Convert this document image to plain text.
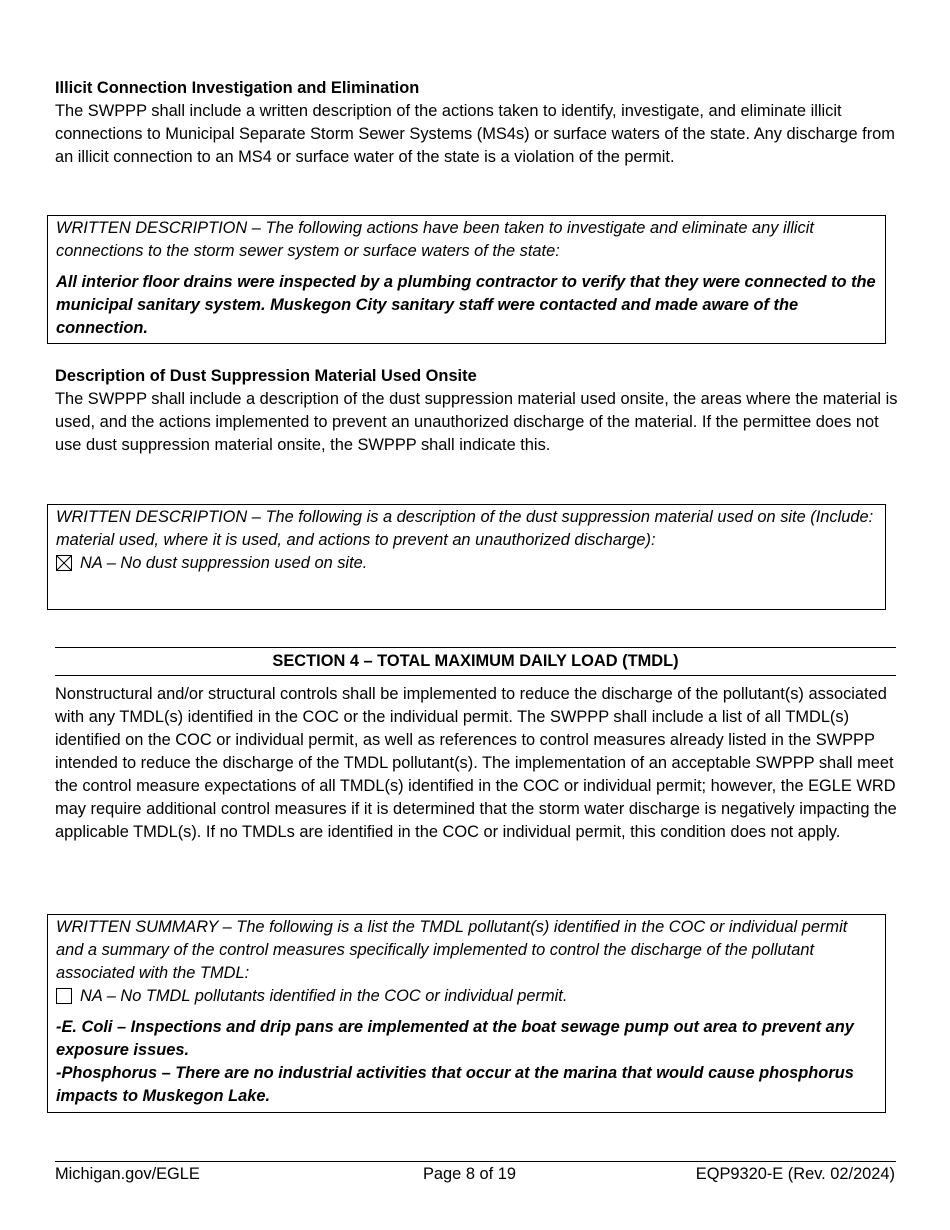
Illicit Connection Investigation and Elimination

The SWPPP shall include a written description of the actions taken to identify, investigate, and eliminate illicit connections to Municipal Separate Storm Sewer Systems (MS4s) or surface waters of the state. Any discharge from an illicit connection to an MS4 or surface water of the state is a violation of the permit.

WRITTEN DESCRIPTION – The following actions have been taken to investigate and eliminate any illicit connections to the storm sewer system or surface waters of the state:

All interior floor drains were inspected by a plumbing contractor to verify that they were connected to the municipal sanitary system. Muskegon City sanitary staff were contacted and made aware of the connection.

Description of Dust Suppression Material Used Onsite

The SWPPP shall include a description of the dust suppression material used onsite, the areas where the material is used, and the actions implemented to prevent an unauthorized discharge of the material. If the permittee does not use dust suppression material onsite, the SWPPP shall indicate this.

WRITTEN DESCRIPTION – The following is a description of the dust suppression material used on site (Include: material used, where it is used, and actions to prevent an unauthorized discharge):

NA – No dust suppression used on site.

SECTION 4 – TOTAL MAXIMUM DAILY LOAD (TMDL)
Nonstructural and/or structural controls shall be implemented to reduce the discharge of the pollutant(s) associated with any TMDL(s) identified in the COC or the individual permit. The SWPPP shall include a list of all TMDL(s) identified on the COC or individual permit, as well as references to control measures already listed in the SWPPP intended to reduce the discharge of the TMDL pollutant(s). The implementation of an acceptable SWPPP shall meet the control measure expectations of all TMDL(s) identified in the COC or individual permit; however, the EGLE WRD may require additional control measures if it is determined that the storm water discharge is negatively impacting the applicable TMDL(s). If no TMDLs are identified in the COC or individual permit, this condition does not apply.

WRITTEN SUMMARY – The following is a list the TMDL pollutant(s) identified in the COC or individual permit and a summary of the control measures specifically implemented to control the discharge of the pollutant associated with the TMDL:

NA – No TMDL pollutants identified in the COC or individual permit.

-E. Coli – Inspections and drip pans are implemented at the boat sewage pump out area to prevent any exposure issues.

-Phosphorus – There are no industrial activities that occur at the marina that would cause phosphorus impacts to Muskegon Lake.

Michigan.gov/EGLE	Page 8 of 19	EQP9320-E (Rev. 02/2024)
